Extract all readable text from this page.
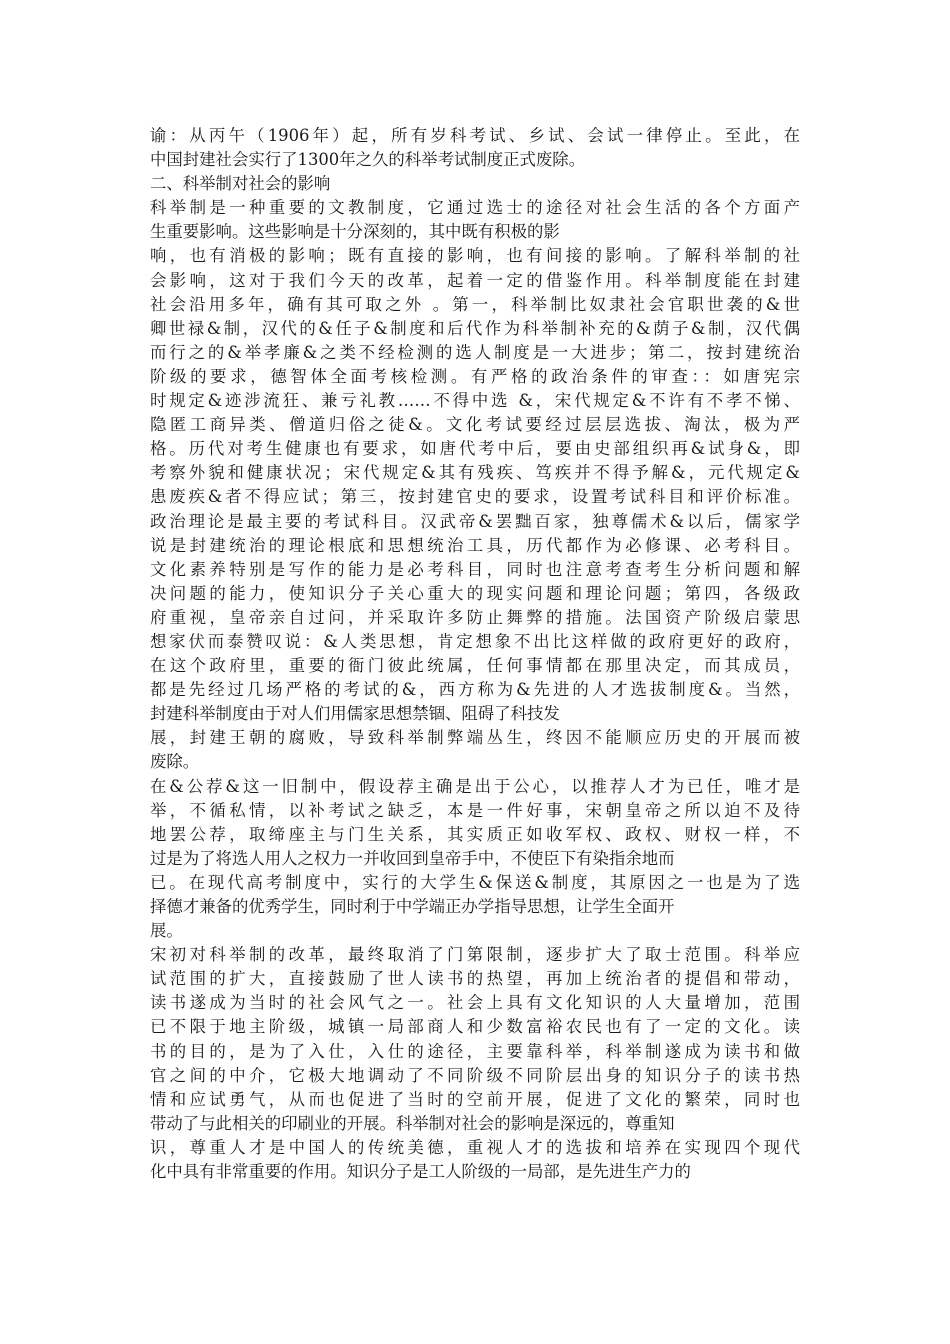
谕：从丙午（1906年）起，所有岁科考试、乡试、会试一律停止。至此，在
中国封建社会实行了1300年之久的科举考试制度正式废除。
二、科举制对社会的影响
科举制是一种重要的文教制度，它通过选士的途径对社会生活的各个方面产
生重要影响。这些影响是十分深刻的，其中既有积极的影
响，也有消极的影响；既有直接的影响，也有间接的影响。了解科举制的社
会影响，这对于我们今天的改革，起着一定的借鉴作用。科举制度能在封建
社会沿用多年，确有其可取之外 。第一，科举制比奴隶社会官职世袭的&世
卿世禄&制，汉代的&任子&制度和后代作为科举制补充的&荫子&制，汉代偶
而行之的&举孝廉&之类不经检测的选人制度是一大进步；第二，按封建统治
阶级的要求，德智体全面考核检测。有严格的政治条件的审查：：如唐宪宗
时规定&迹涉流狂、兼亏礼教……不得中选 &，宋代规定&不许有不孝不悌、
隐匿工商异类、僧道归俗之徒&。文化考试要经过层层选拔、淘汰，极为严
格。历代对考生健康也有要求，如唐代考中后，要由史部组织再&试身&，即
考察外貌和健康状况；宋代规定&其有残疾、笃疾并不得予解&，元代规定&
患废疾&者不得应试；第三，按封建官史的要求，设置考试科目和评价标准。
政治理论是最主要的考试科目。汉武帝&罢黜百家，独尊儒术&以后，儒家学
说是封建统治的理论根底和思想统治工具，历代都作为必修课、必考科目。
文化素养特别是写作的能力是必考科目，同时也注意考查考生分析问题和解
决问题的能力，使知识分子关心重大的现实问题和理论问题；第四，各级政
府重视，皇帝亲自过问，并采取许多防止舞弊的措施。法国资产阶级启蒙思
想家伏而泰赞叹说：&人类思想，肯定想象不出比这样做的政府更好的政府，
在这个政府里，重要的衙门彼此统属，任何事情都在那里决定，而其成员，
都是先经过几场严格的考试的&，西方称为&先进的人才选拔制度&。当然，
封建科举制度由于对人们用儒家思想禁锢、阻碍了科技发
展，封建王朝的腐败，导致科举制弊端丛生，终因不能顺应历史的开展而被
废除。
在&公荐&这一旧制中，假设荐主确是出于公心，以推荐人才为已任，唯才是
举，不循私情，以补考试之缺乏，本是一件好事，宋朝皇帝之所以迫不及待
地罢公荐，取缔座主与门生关系，其实质正如收军权、政权、财权一样，不
过是为了将选人用人之权力一并收回到皇帝手中，不使臣下有染指余地而
已。在现代高考制度中，实行的大学生&保送&制度，其原因之一也是为了选
择德才兼备的优秀学生，同时利于中学端正办学指导思想，让学生全面开
展。
宋初对科举制的改革，最终取消了门第限制，逐步扩大了取士范围。科举应
试范围的扩大，直接鼓励了世人读书的热望，再加上统治者的提倡和带动，
读书遂成为当时的社会风气之一。社会上具有文化知识的人大量增加，范围
已不限于地主阶级，城镇一局部商人和少数富裕农民也有了一定的文化。读
书的目的，是为了入仕，入仕的途径，主要靠科举，科举制遂成为读书和做
官之间的中介，它极大地调动了不同阶级不同阶层出身的知识分子的读书热
情和应试勇气，从而也促进了当时的空前开展，促进了文化的繁荣，同时也
带动了与此相关的印刷业的开展。科举制对社会的影响是深远的，尊重知
识，尊重人才是中国人的传统美德，重视人才的选拔和培养在实现四个现代
化中具有非常重要的作用。知识分子是工人阶级的一局部，是先进生产力的
